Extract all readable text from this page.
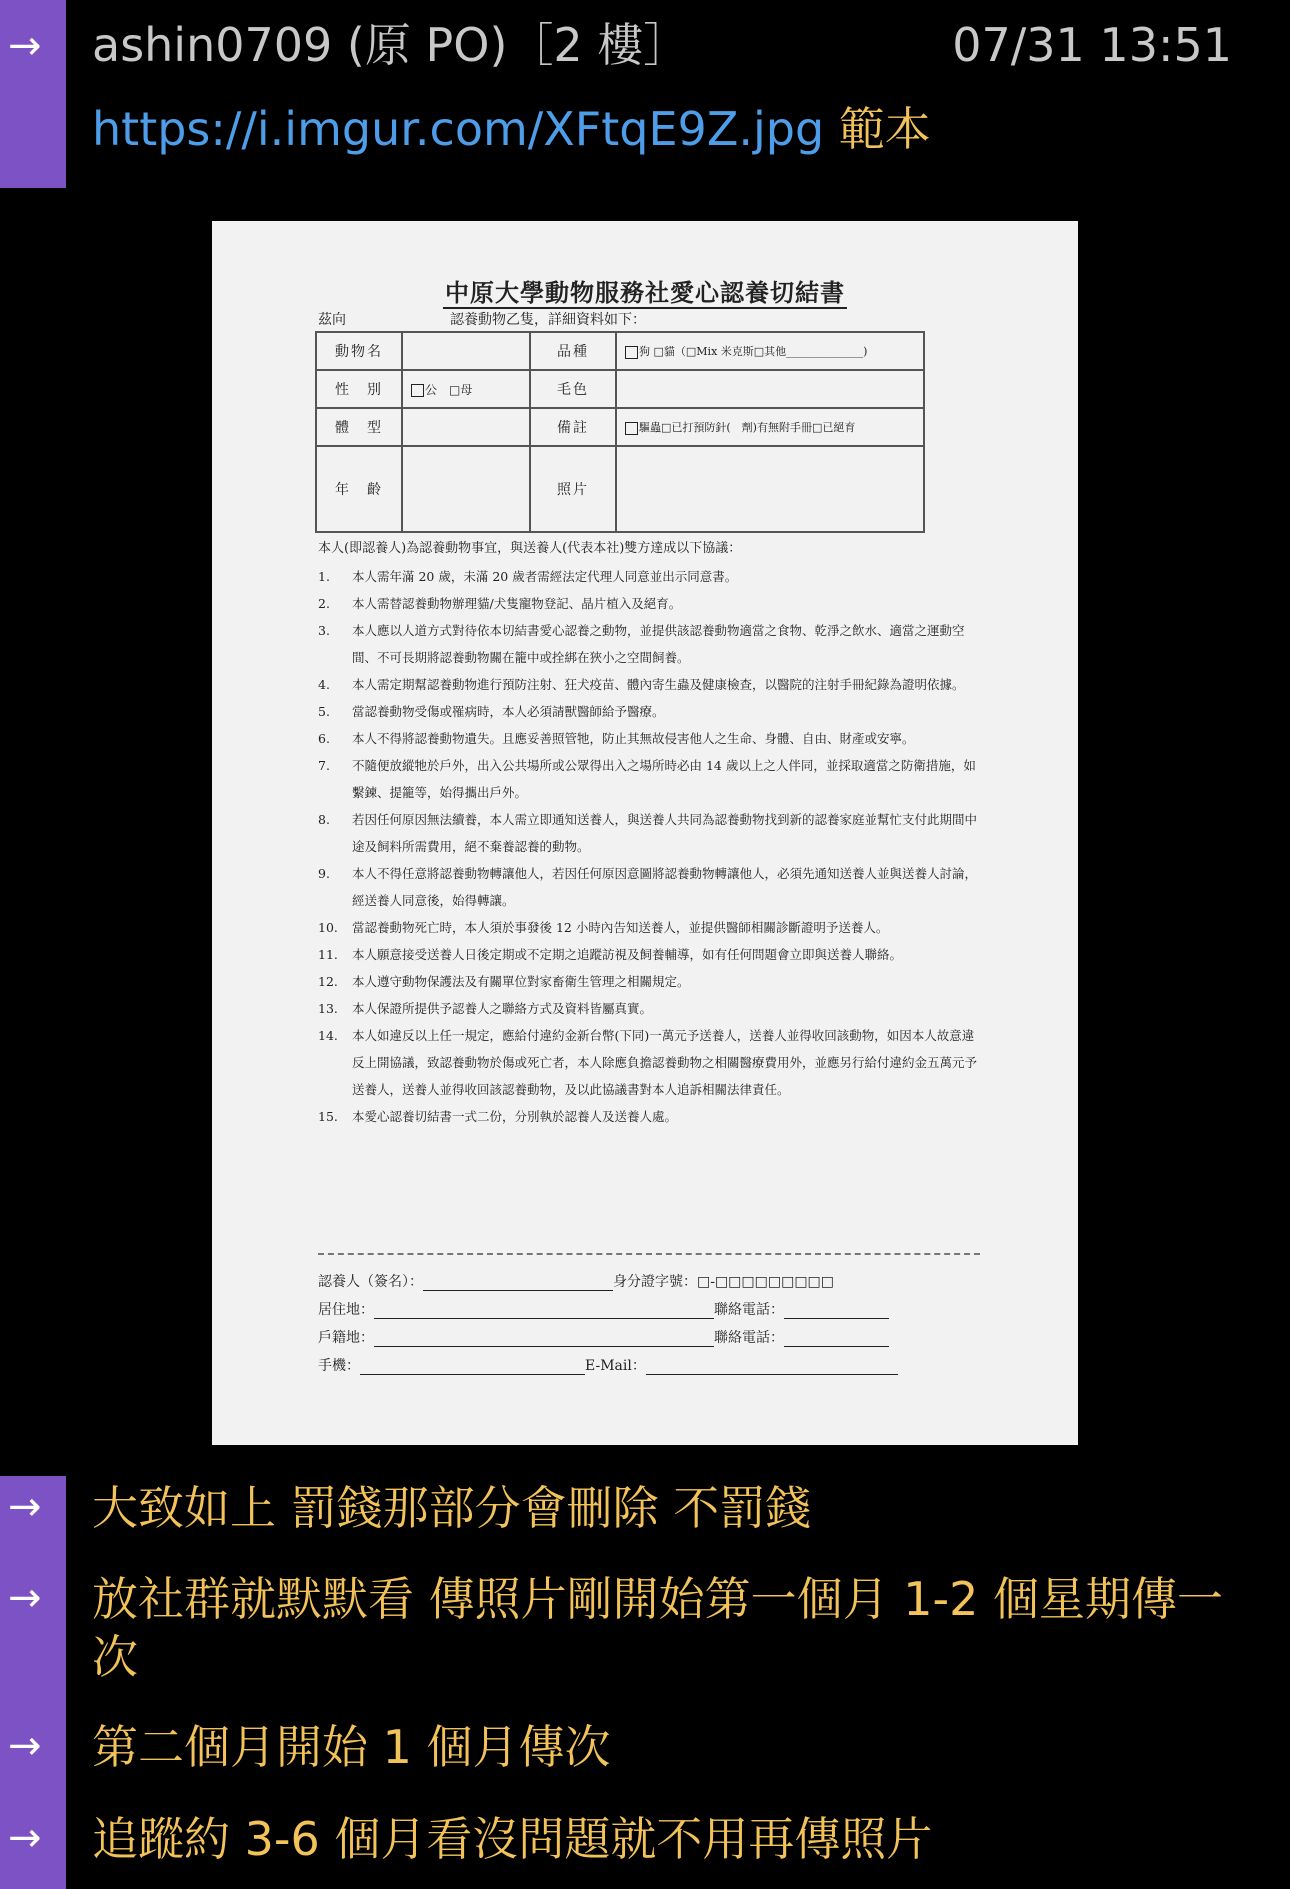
→ ashin0709 (原 PO)［2 樓］	07/31 13:51
https://i.imgur.com/XFtqE9Z.jpg 範本
中原大學動物服務社愛心認養切結書
茲向	認養動物乙隻，詳細資料如下：
動物名		品種	狗 □貓（□Mix 米克斯□其他______________)
性　別	公　□母	毛色	
體　型		備註	驅蟲□已打預防針(　劑)有無附手冊□已絕育
年　齡		照片	
本人(即認養人)為認養動物事宜，與送養人(代表本社)雙方達成以下協議：
1.	本人需年滿 20 歲，未滿 20 歲者需經法定代理人同意並出示同意書。
2.	本人需替認養動物辦理貓/犬隻寵物登記、晶片植入及絕育。
3.	本人應以人道方式對待依本切結書愛心認養之動物，並提供該認養動物適當之食物、乾淨之飲水、適當之運動空間、不可長期將認養動物關在籠中或拴綁在狹小之空間飼養。
4.	本人需定期幫認養動物進行預防注射、狂犬疫苗、體內寄生蟲及健康檢查，以醫院的注射手冊紀錄為證明依據。
5.	當認養動物受傷或罹病時，本人必須請獸醫師給予醫療。
6.	本人不得將認養動物遺失。且應妥善照管牠，防止其無故侵害他人之生命、身體、自由、財產或安寧。
7.	不隨便放縱牠於戶外，出入公共場所或公眾得出入之場所時必由 14 歲以上之人伴同，並採取適當之防衛措施，如繫鍊、提籠等，始得攜出戶外。
8.	若因任何原因無法續養，本人需立即通知送養人，與送養人共同為認養動物找到新的認養家庭並幫忙支付此期間中途及飼料所需費用，絕不棄養認養的動物。
9.	本人不得任意將認養動物轉讓他人，若因任何原因意圖將認養動物轉讓他人，必須先通知送養人並與送養人討論，經送養人同意後，始得轉讓。
10.	當認養動物死亡時，本人須於事發後 12 小時內告知送養人，並提供醫師相關診斷證明予送養人。
11.	本人願意接受送養人日後定期或不定期之追蹤訪視及飼養輔導，如有任何問題會立即與送養人聯絡。
12.	本人遵守動物保護法及有關單位對家畜衛生管理之相關規定。
13.	本人保證所提供予認養人之聯絡方式及資料皆屬真實。
14.	本人如違反以上任一規定，應給付違約金新台幣(下同)一萬元予送養人，送養人並得收回該動物，如因本人故意違反上開協議，致認養動物於傷或死亡者，本人除應負擔認養動物之相關醫療費用外，並應另行給付違約金五萬元予送養人，送養人並得收回該認養動物，及以此協議書對本人追訴相關法律責任。
15.	本愛心認養切結書一式二份，分別執於認養人及送養人處。
認養人（簽名）：	身分證字號：□-□□□□□□□□□
居住地：	聯絡電話：
戶籍地：	聯絡電話：
手機：	E-Mail：
→ 大致如上 罰錢那部分會刪除 不罰錢
→ 放社群就默默看 傳照片剛開始第一個月 1-2 個星期傳一次
→ 第二個月開始 1 個月傳次
→ 追蹤約 3-6 個月看沒問題就不用再傳照片
